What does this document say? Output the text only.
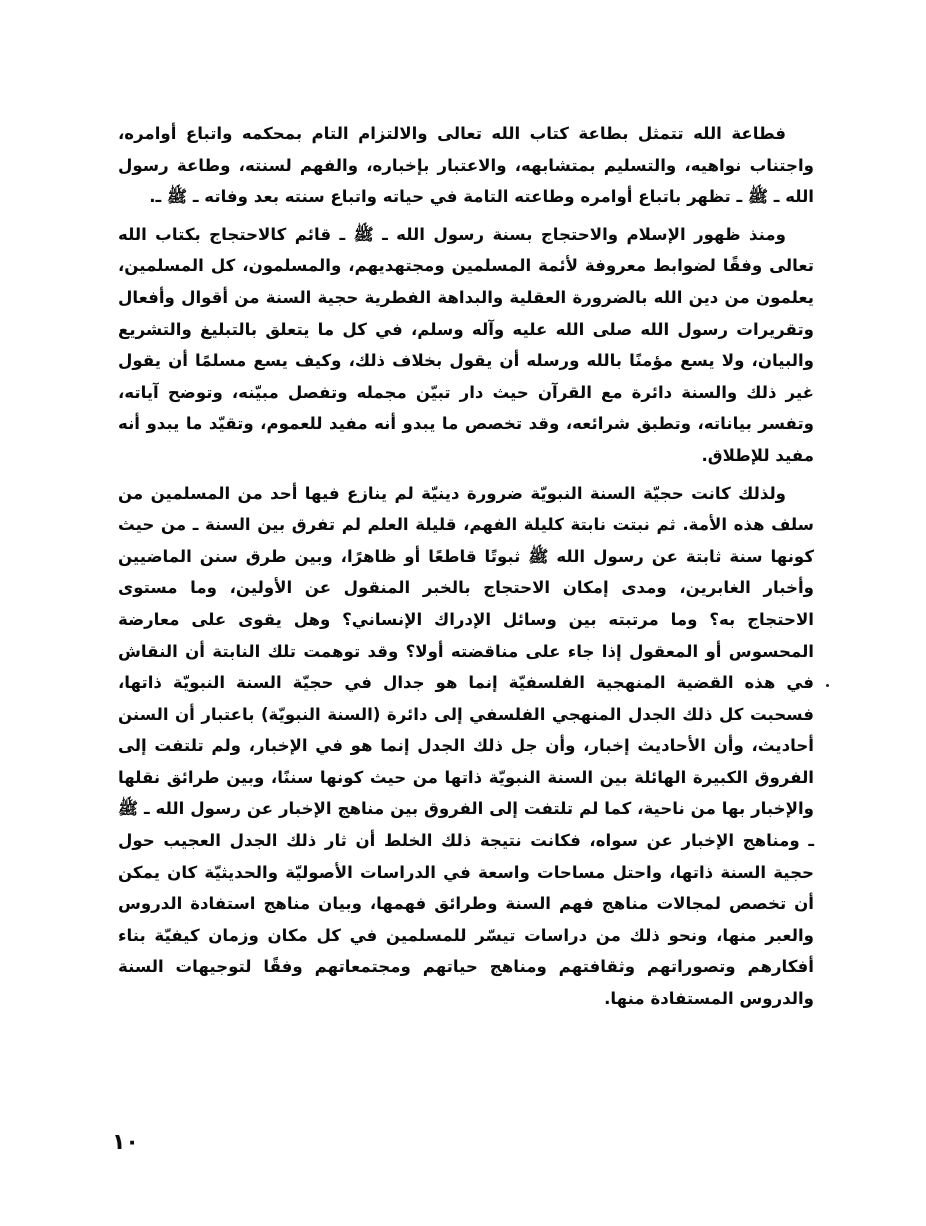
فطاعة الله تتمثل بطاعة كتاب الله تعالى والالتزام التام بمحكمه واتباع أوامره، واجتناب نواهيه، والتسليم بمتشابهه، والاعتبار بإخباره، والفهم لسنته، وطاعة رسول الله ـ ﷺ ـ تظهر باتباع أوامره وطاعته التامة في حياته واتباع سنته بعد وفاته ـ ﷺ ـ.

ومنذ ظهور الإسلام والاحتجاج بسنة رسول الله ـ ﷺ ـ قائم كالاحتجاج بكتاب الله تعالى وفقًا لضوابط معروفة لأئمة المسلمين ومجتهديهم، والمسلمون، كل المسلمين، يعلمون من دين الله بالضرورة العقلية والبداهة الفطرية حجية السنة من أقوال وأفعال وتقريرات رسول الله صلى الله عليه وآله وسلم، في كل ما يتعلق بالتبليغ والتشريع والبيان، ولا يسع مؤمنًا بالله ورسله أن يقول بخلاف ذلك، وكيف يسع مسلمًا أن يقول غير ذلك والسنة دائرة مع القرآن حيث دار تبيّن مجمله وتفصل مبيّنه، وتوضح آياته، وتفسر بياناته، وتطبق شرائعه، وقد تخصص ما يبدو أنه مفيد للعموم، وتقيّد ما يبدو أنه مفيد للإطلاق.

ولذلك كانت حجيّة السنة النبويّة ضرورة دينيّة لم ينازع فيها أحد من المسلمين من سلف هذه الأمة. ثم نبتت نابتة كليلة الفهم، قليلة العلم لم تفرق بين السنة ـ من حيث كونها سنة ثابتة عن رسول الله ﷺ ثبوتًا قاطعًا أو ظاهرًا، وبين طرق سنن الماضيين وأخبار الغابرين، ومدى إمكان الاحتجاج بالخبر المنقول عن الأولين، وما مستوى الاحتجاج به؟ وما مرتبته بين وسائل الإدراك الإنساني؟ وهل يقوى على معارضة المحسوس أو المعقول إذا جاء على مناقضته أولا؟ وقد توهمت تلك النابتة أن النقاش في هذه القضية المنهجية الفلسفيّة إنما هو جدال في حجيّة السنة النبويّة ذاتها، فسحبت كل ذلك الجدل المنهجي الفلسفي إلى دائرة (السنة النبويّة) باعتبار أن السنن أحاديث، وأن الأحاديث إخبار، وأن جل ذلك الجدل إنما هو في الإخبار، ولم تلتفت إلى الفروق الكبيرة الهائلة بين السنة النبويّة ذاتها من حيث كونها سننًا، وبين طرائق نقلها والإخبار بها من ناحية، كما لم تلتفت إلى الفروق بين مناهج الإخبار عن رسول الله ـ ﷺ ـ ومناهج الإخبار عن سواه، فكانت نتيجة ذلك الخلط أن ثار ذلك الجدل العجيب حول حجية السنة ذاتها، واحتل مساحات واسعة في الدراسات الأصوليّة والحديثيّة كان يمكن أن تخصص لمجالات مناهج فهم السنة وطرائق فهمها، وبيان مناهج استفادة الدروس والعبر منها، ونحو ذلك من دراسات تيسّر للمسلمين في كل مكان وزمان كيفيّة بناء أفكارهم وتصوراتهم وثقافتهم ومناهج حياتهم ومجتمعاتهم وفقًا لتوجيهات السنة والدروس المستفادة منها.

١٠
